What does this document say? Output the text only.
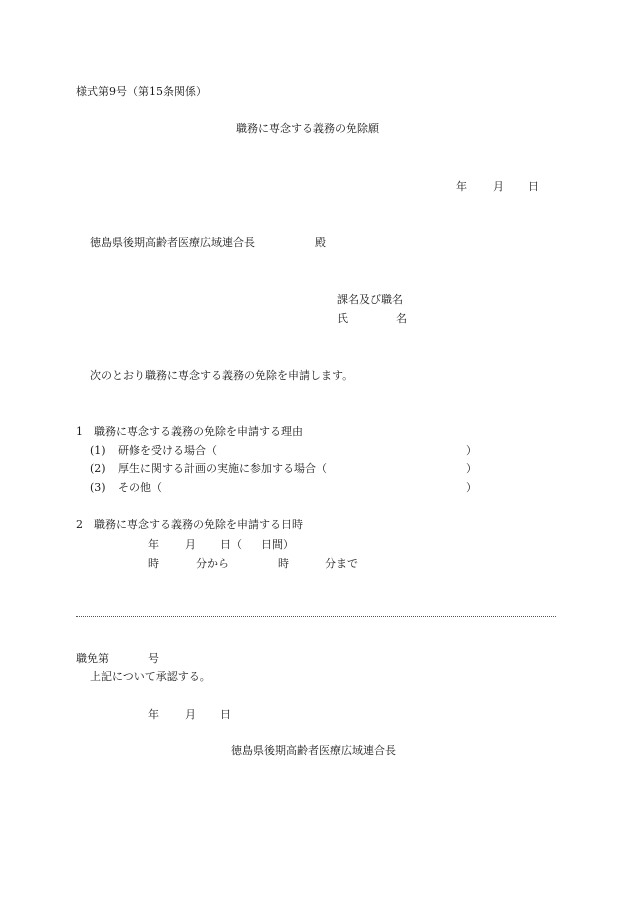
様式第9号（第15条関係）
職務に専念する義務の免除願
年 月 日
徳島県後期高齢者医療広域連合長	殿
課名及び職名
氏	名
次のとおり職務に専念する義務の免除を申請します。
1　職務に専念する義務の免除を申請する理由
(1) 研修を受ける場合（	）
(2) 厚生に関する計画の実施に参加する場合（	）
(3) その他（	）
2　職務に専念する義務の免除を申請する日時
年 月 日（ 日間）
時	分から	時	分まで
職免第	号
上記について承認する。
年 月 日
徳島県後期高齢者医療広域連合長
